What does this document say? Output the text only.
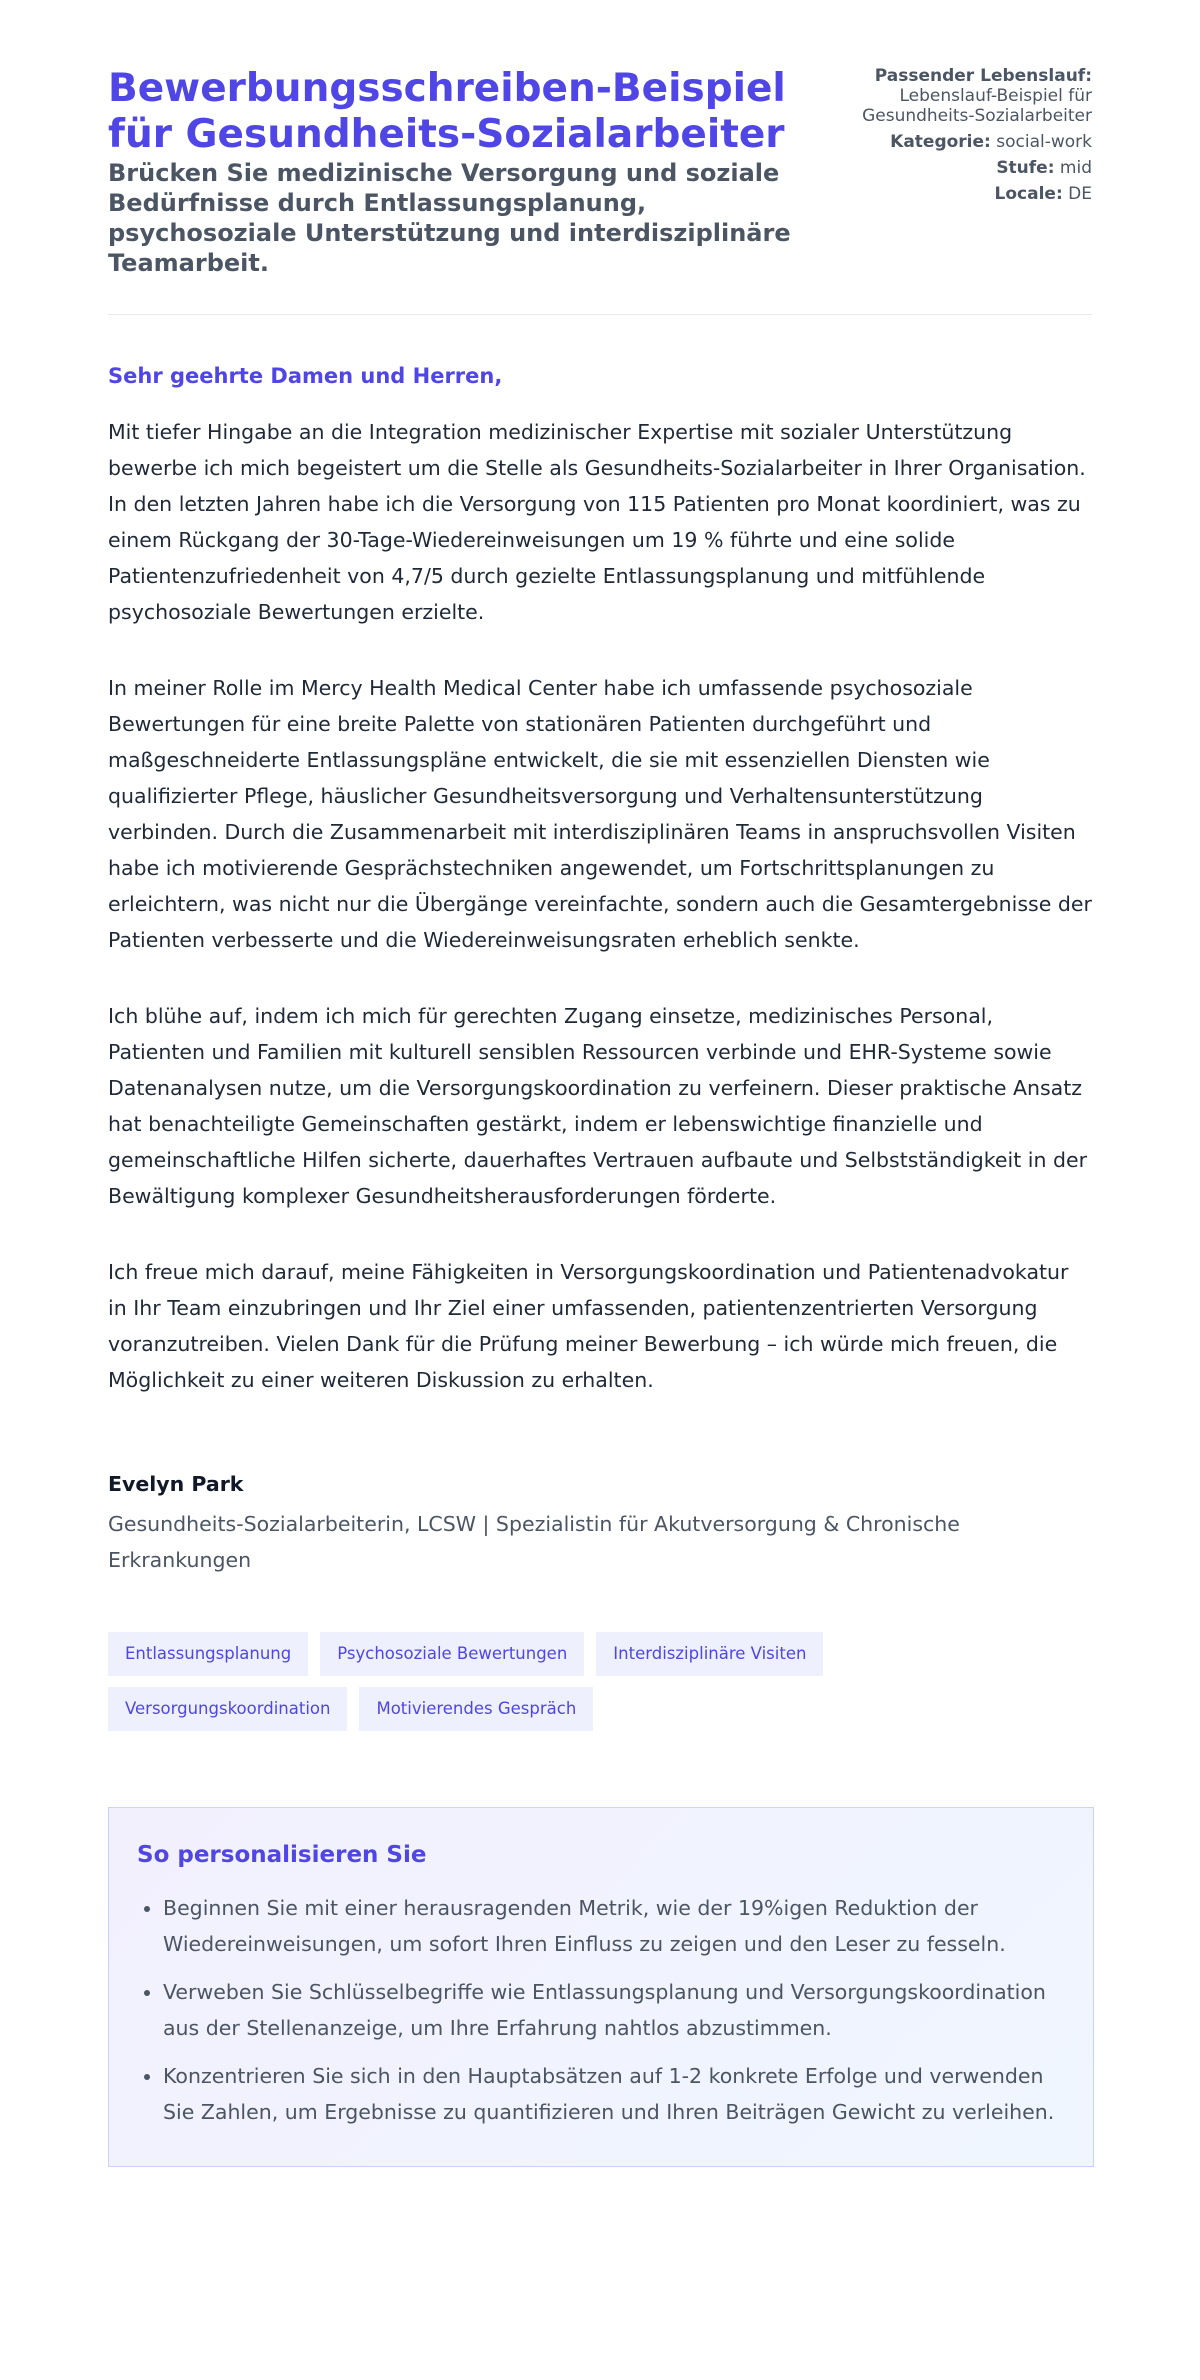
Bewerbungsschreiben-Beispiel für Gesundheits-Sozialarbeiter
Brücken Sie medizinische Versorgung und soziale Bedürfnisse durch Entlassungsplanung, psychosoziale Unterstützung und interdisziplinäre Teamarbeit.
Passender Lebenslauf:
Lebenslauf-Beispiel für Gesundheits-Sozialarbeiter
Kategorie: social-work
Stufe: mid
Locale: DE

Sehr geehrte Damen und Herren,

Mit tiefer Hingabe an die Integration medizinischer Expertise mit sozialer Unterstützung bewerbe ich mich begeistert um die Stelle als Gesundheits-Sozialarbeiter in Ihrer Organisation. In den letzten Jahren habe ich die Versorgung von 115 Patienten pro Monat koordiniert, was zu einem Rückgang der 30-Tage-Wiedereinweisungen um 19 % führte und eine solide Patientenzufriedenheit von 4,7/5 durch gezielte Entlassungsplanung und mitfühlende psychosoziale Bewertungen erzielte.

In meiner Rolle im Mercy Health Medical Center habe ich umfassende psychosoziale Bewertungen für eine breite Palette von stationären Patienten durchgeführt und maßgeschneiderte Entlassungspläne entwickelt, die sie mit essenziellen Diensten wie qualifizierter Pflege, häuslicher Gesundheitsversorgung und Verhaltensunterstützung verbinden. Durch die Zusammenarbeit mit interdisziplinären Teams in anspruchsvollen Visiten habe ich motivierende Gesprächstechniken angewendet, um Fortschrittsplanungen zu erleichtern, was nicht nur die Übergänge vereinfachte, sondern auch die Gesamtergebnisse der Patienten verbesserte und die Wiedereinweisungsraten erheblich senkte.

Ich blühe auf, indem ich mich für gerechten Zugang einsetze, medizinisches Personal, Patienten und Familien mit kulturell sensiblen Ressourcen verbinde und EHR-Systeme sowie Datenanalysen nutze, um die Versorgungskoordination zu verfeinern. Dieser praktische Ansatz hat benachteiligte Gemeinschaften gestärkt, indem er lebenswichtige finanzielle und gemeinschaftliche Hilfen sicherte, dauerhaftes Vertrauen aufbaute und Selbstständigkeit in der Bewältigung komplexer Gesundheitsherausforderungen förderte.

Ich freue mich darauf, meine Fähigkeiten in Versorgungskoordination und Patientenadvokatur in Ihr Team einzubringen und Ihr Ziel einer umfassenden, patientenzentrierten Versorgung voranzutreiben. Vielen Dank für die Prüfung meiner Bewerbung – ich würde mich freuen, die Möglichkeit zu einer weiteren Diskussion zu erhalten.

Evelyn Park

Gesundheits-Sozialarbeiterin, LCSW | Spezialistin für Akutversorgung & Chronische Erkrankungen

Entlassungsplanung	Psychosoziale Bewertungen	Interdisziplinäre Visiten
Versorgungskoordination	Motivierendes Gespräch
So personalisieren Sie
• Beginnen Sie mit einer herausragenden Metrik, wie der 19%igen Reduktion der Wiedereinweisungen, um sofort Ihren Einfluss zu zeigen und den Leser zu fesseln.
• Verweben Sie Schlüsselbegriffe wie Entlassungsplanung und Versorgungskoordination aus der Stellenanzeige, um Ihre Erfahrung nahtlos abzustimmen.
• Konzentrieren Sie sich in den Hauptabsätzen auf 1-2 konkrete Erfolge und verwenden Sie Zahlen, um Ergebnisse zu quantifizieren und Ihren Beiträgen Gewicht zu verleihen.
